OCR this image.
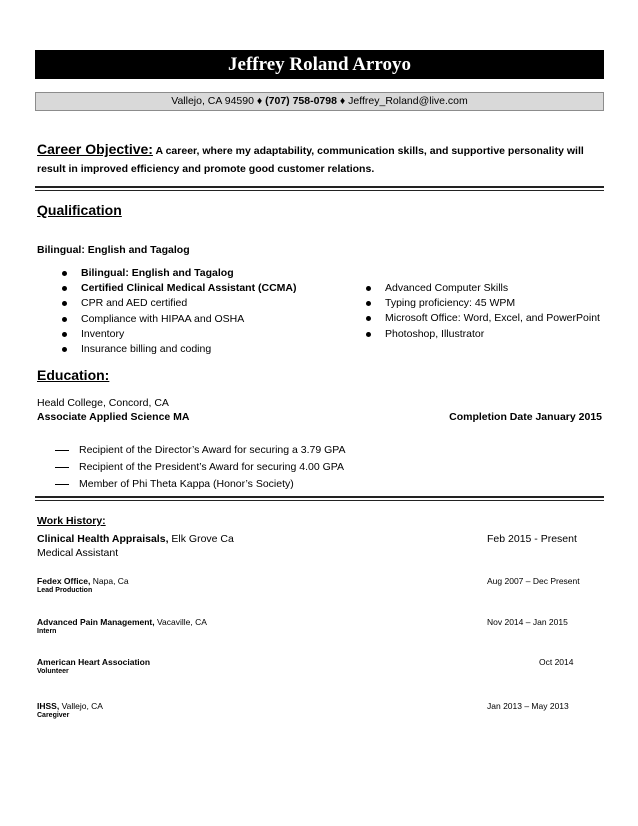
Jeffrey Roland Arroyo
Vallejo, CA 94590 ♦ (707) 758-0798 ♦ Jeffrey_Roland@live.com
Career Objective: A career, where my adaptability, communication skills, and supportive personality will result in improved efficiency and promote good customer relations.
Qualification
Bilingual: English and Tagalog
Bilingual: English and Tagalog
Certified Clinical Medical Assistant (CCMA)
CPR and AED certified
Compliance with HIPAA and OSHA
Inventory
Insurance billing and coding
Advanced Computer Skills
Typing proficiency: 45 WPM
Microsoft Office: Word, Excel, and PowerPoint
Photoshop, Illustrator
Education:
Heald College, Concord, CA
Associate Applied Science MA	Completion Date January 2015
Recipient of the Director’s Award for securing a 3.79 GPA
Recipient of the President’s Award for securing 4.00 GPA
Member of Phi Theta Kappa (Honor’s Society)
Work History:
Clinical Health Appraisals, Elk Grove Ca	Feb 2015 - Present
Medical Assistant
Fedex Office, Napa, Ca	Aug 2007 – Dec Present
Lead Production
Advanced Pain Management, Vacaville, CA	Nov 2014 – Jan 2015
Intern
American Heart Association	Oct 2014
Volunteer
IHSS, Vallejo, CA	Jan 2013 – May 2013
Caregiver
